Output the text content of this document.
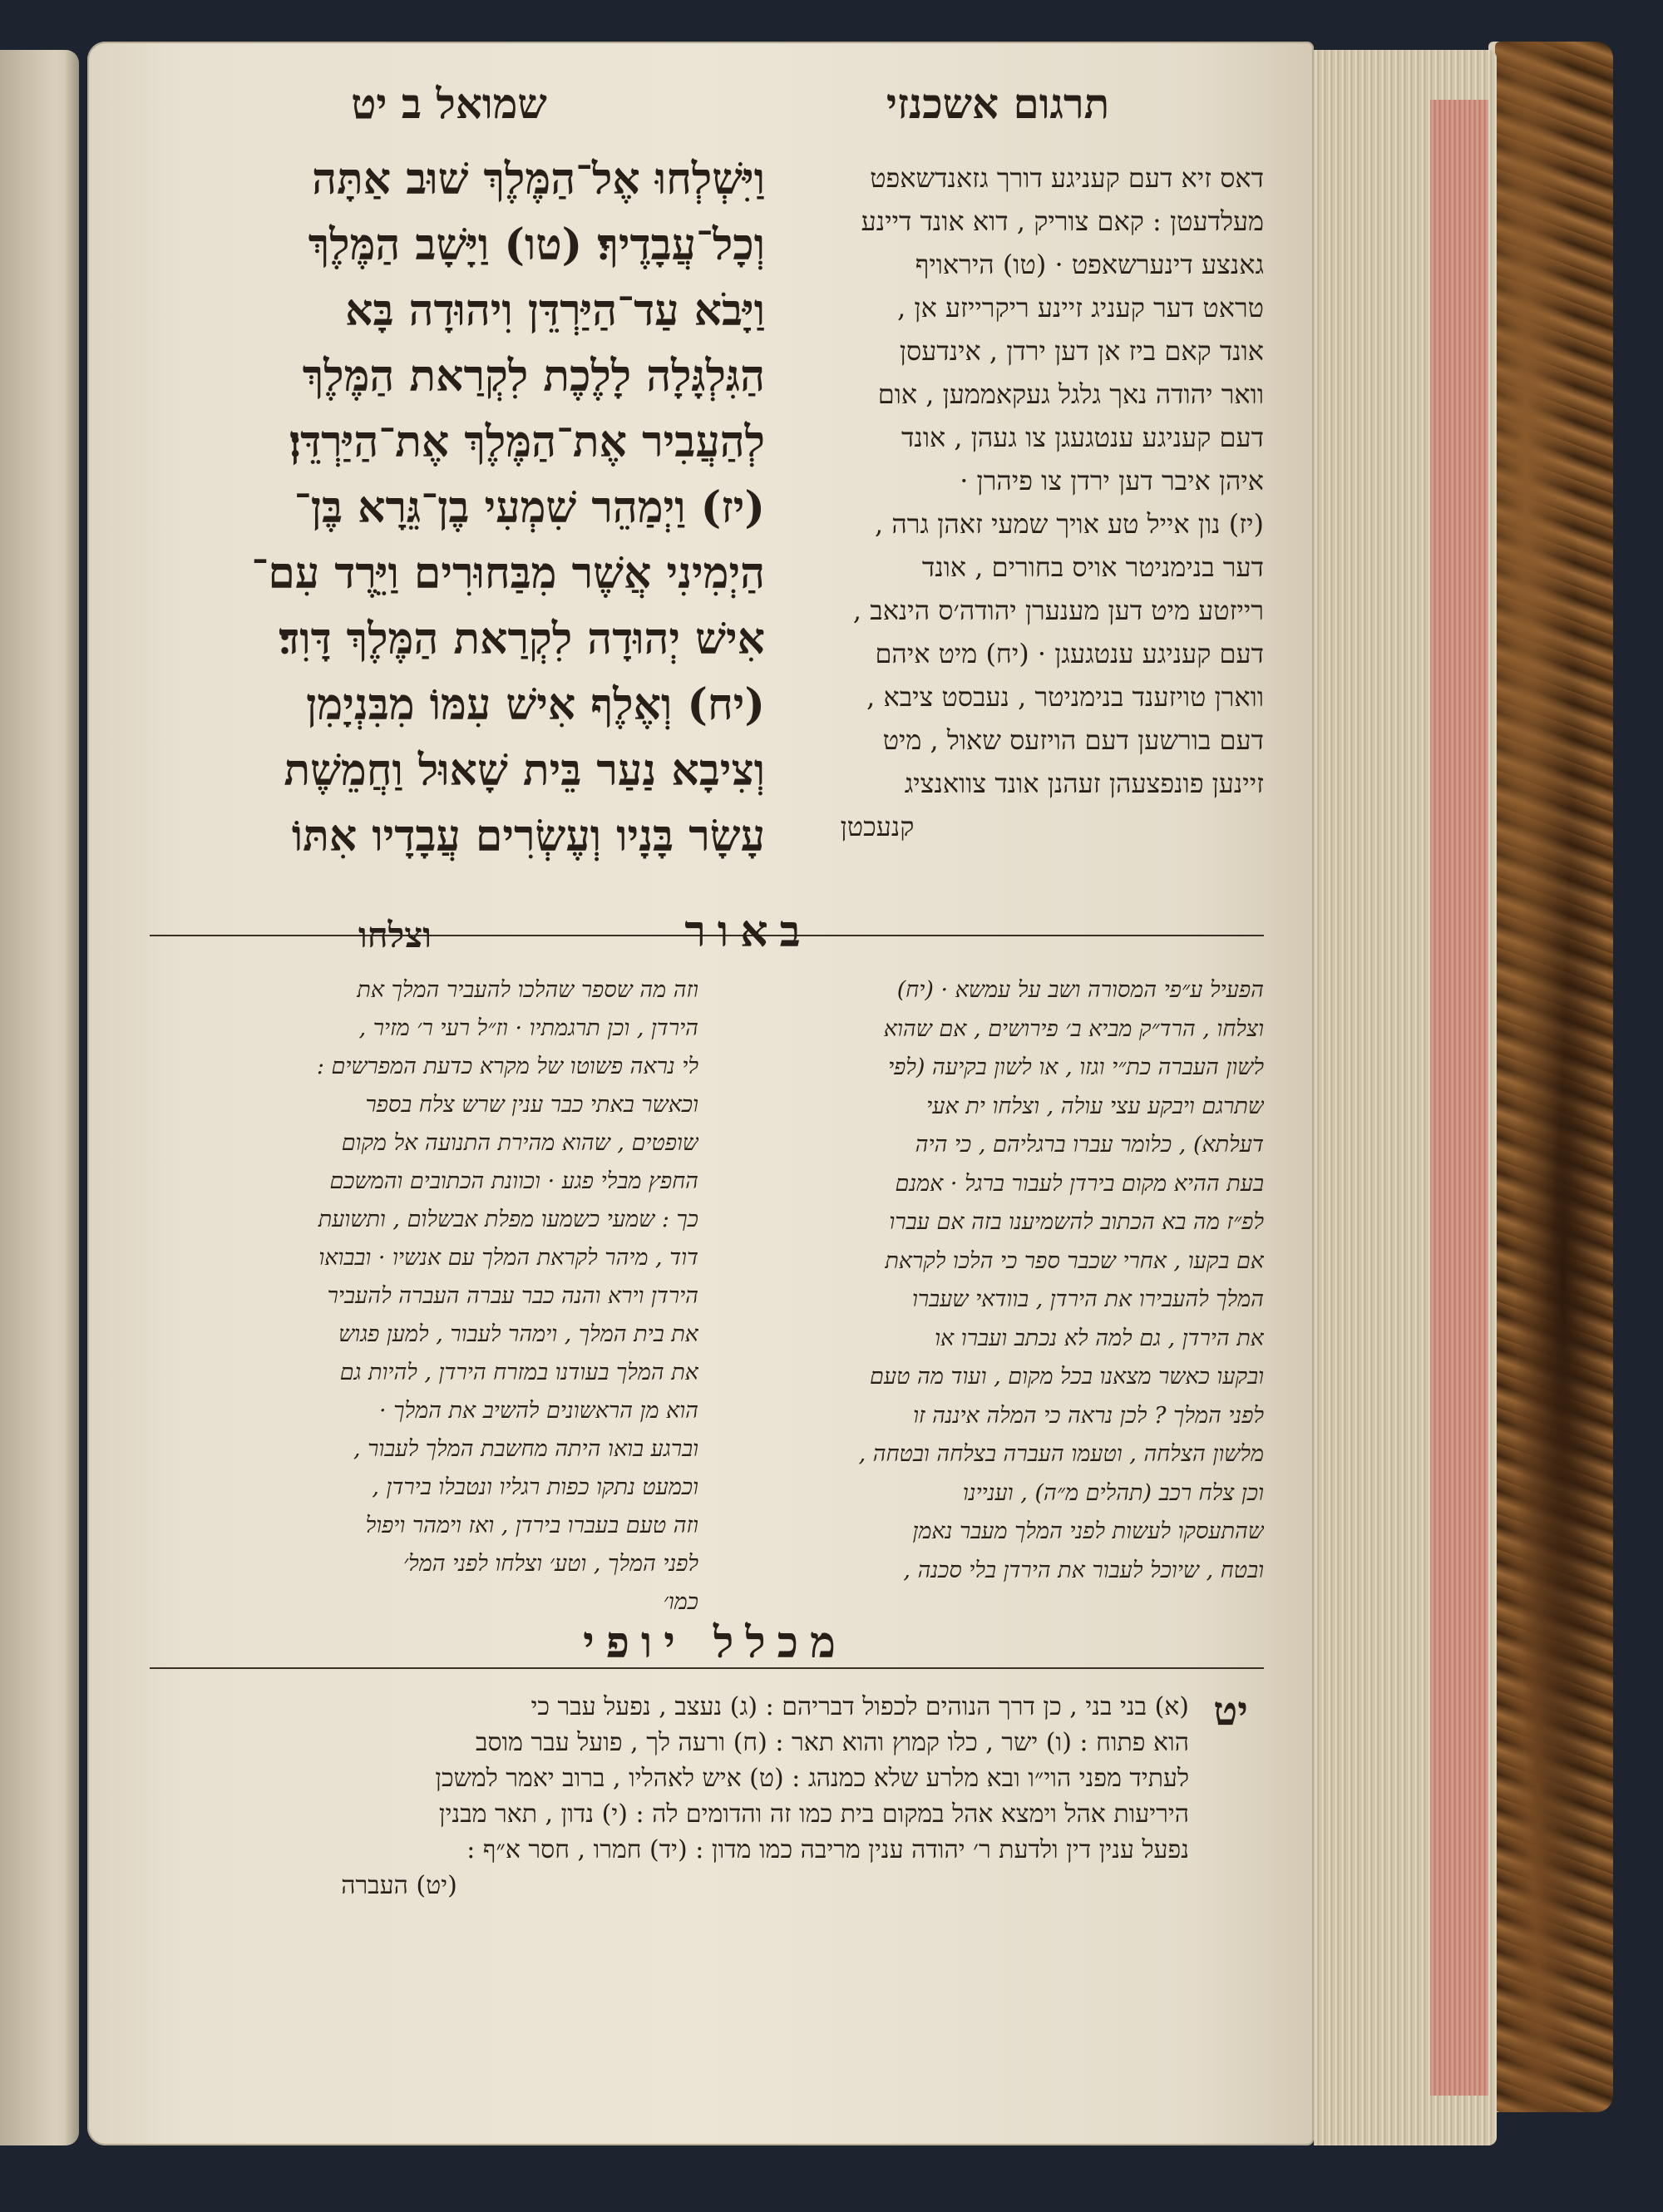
שמואל ב יט	תרגום אשכנזי
וַיִּשְׁלְחוּ אֶל־הַמֶּלֶךְ שׁוּב אַתָּה
וְכָל־עֲבָדֶיךָ׃ (טו) וַיָּשָׁב הַמֶּלֶךְ
וַיָּבֹא עַד־הַיַּרְדֵּן וִיהוּדָה בָּא
הַגִּלְגָּלָה לָלֶכֶת לִקְרַאת הַמֶּלֶךְ
לְהַעֲבִיר אֶת־הַמֶּלֶךְ אֶת־הַיַּרְדֵּן׃
(יז) וַיְמַהֵר שִׁמְעִי בֶן־גֵּרָא בֶּן־
הַיְמִינִי אֲשֶׁר מִבַּחוּרִים וַיֵּרֶד עִם־
אִישׁ יְהוּדָה לִקְרַאת הַמֶּלֶךְ דָּוִד׃
(יח) וְאֶלֶף אִישׁ עִמּוֹ מִבִּנְיָמִן
וְצִיבָא נַעַר בֵּית שָׁאוּל וַחֲמֵשֶׁת
עָשָׂר בָּנָיו וְעֶשְׂרִים עֲבָדָיו אִתּוֹ
דאס זיא דעם קעניגע דורך גזאנדשאפט
מעלדעטן : קאם צוריק , דוא אונד דיינע
גאנצע דינערשאפט · (טו) היראויף
טראט דער קעניג זיינע ריקרייזע אן ,
אונד קאם ביז אן דען ירדן , אינדעסן
וואר יהודה נאך גלגל געקאממען , אום
דעם קעניגע ענטגעגן צו געהן , אונד
איהן איבר דען ירדן צו פיהרן ·
(יז) נון אייל טע אויך שמעי זאהן גרה ,
דער בנימניטר אויס בחורים , אונד
רייזטע מיט דען מענערן יהודה׳ס הינאב ,
דעם קעניגע ענטגעגן · (יח) מיט איהם
ווארן טויזענד בנימניטר , נעבסט ציבא ,
דעם בורשען דעם הויזעס שאול , מיט
זיינען פונפצעהן זעהנן אונד צוואנציג
קנעכטן
באור
וצלחו
הפעיל ע״פי המסורה ושב על עמשא · (יח)
וצלחו , הרד״ק מביא ב׳ פירושים , אם שהוא
לשון העברה כת״י וגזו , או לשון בקיעה (לפי
שתרגם ויבקע עצי עולה , וצלחו ית אעי
דעלתא) , כלומר עברו ברגליהם , כי היה
בעת ההיא מקום בירדן לעבור ברגל · אמנם
לפ״ז מה בא הכתוב להשמיענו בזה אם עברו
אם בקעו , אחרי שכבר ספר כי הלכו לקראת
המלך להעבירו את הירדן , בוודאי שעברו
את הירדן , גם למה לא נכתב ועברו או
ובקעו כאשר מצאנו בכל מקום , ועוד מה טעם
לפני המלך ? לכן נראה כי המלה איננה זו
מלשון הצלחה , וטעמו העברה בצלחה ובטחה ,
וכן צלח רכב (תהלים מ״ה) , ועניינו
שהתעסקו לעשות לפני המלך מעבר נאמן
ובטח , שיוכל לעבור את הירדן בלי סכנה ,
וזה מה שספר שהלכו להעביר המלך את
הירדן , וכן תרגמתיו · וז״ל רעי ר׳ מזיר ,
לי נראה פשוטו של מקרא כדעת המפרשים :
וכאשר באתי כבר ענין שרש צלח בספר
שופטים , שהוא מהירת התנועה אל מקום
החפץ מבלי פגע · וכוונת הכתובים והמשכם
כך : שמעי כשמעו מפלת אבשלום , ותשועת
דוד , מיהר לקראת המלך עם אנשיו · ובבואו
הירדן וירא והנה כבר עברה העברה להעביר
את בית המלך , וימהר לעבור , למען פגוש
את המלך בעודנו במזרח הירדן , להיות גם
הוא מן הראשונים להשיב את המלך ·
וברגע בואו היתה מחשבת המלך לעבור ,
וכמעט נתקו כפות רגליו ונטבלו בירדן ,
וזה טעם בעברו בירדן , ואז וימהר ויפול
לפני המלך , וטע׳ וצלחו לפני המל׳
כמו׳
מכלל יופי
יט
(א) בני בני , כן דרך הנוהים לכפול דבריהם : (ג) נעצב , נפעל עבר כי
הוא פתוח : (ו) ישר , כלו קמוץ והוא תאר : (ח) ורעה לך , פועל עבר מוסב
לעתיד מפני הוי״ו ובא מלרע שלא כמנהג : (ט) איש לאהליו , ברוב יאמר למשכן
היריעות אהל וימצא אהל במקום בית כמו זה והדומים לה : (י) נדון , תאר מבנין
נפעל ענין דין ולדעת ר׳ יהודה ענין מריבה כמו מדון : (יד) חמרו , חסר א״ף :
(יט) העברה
